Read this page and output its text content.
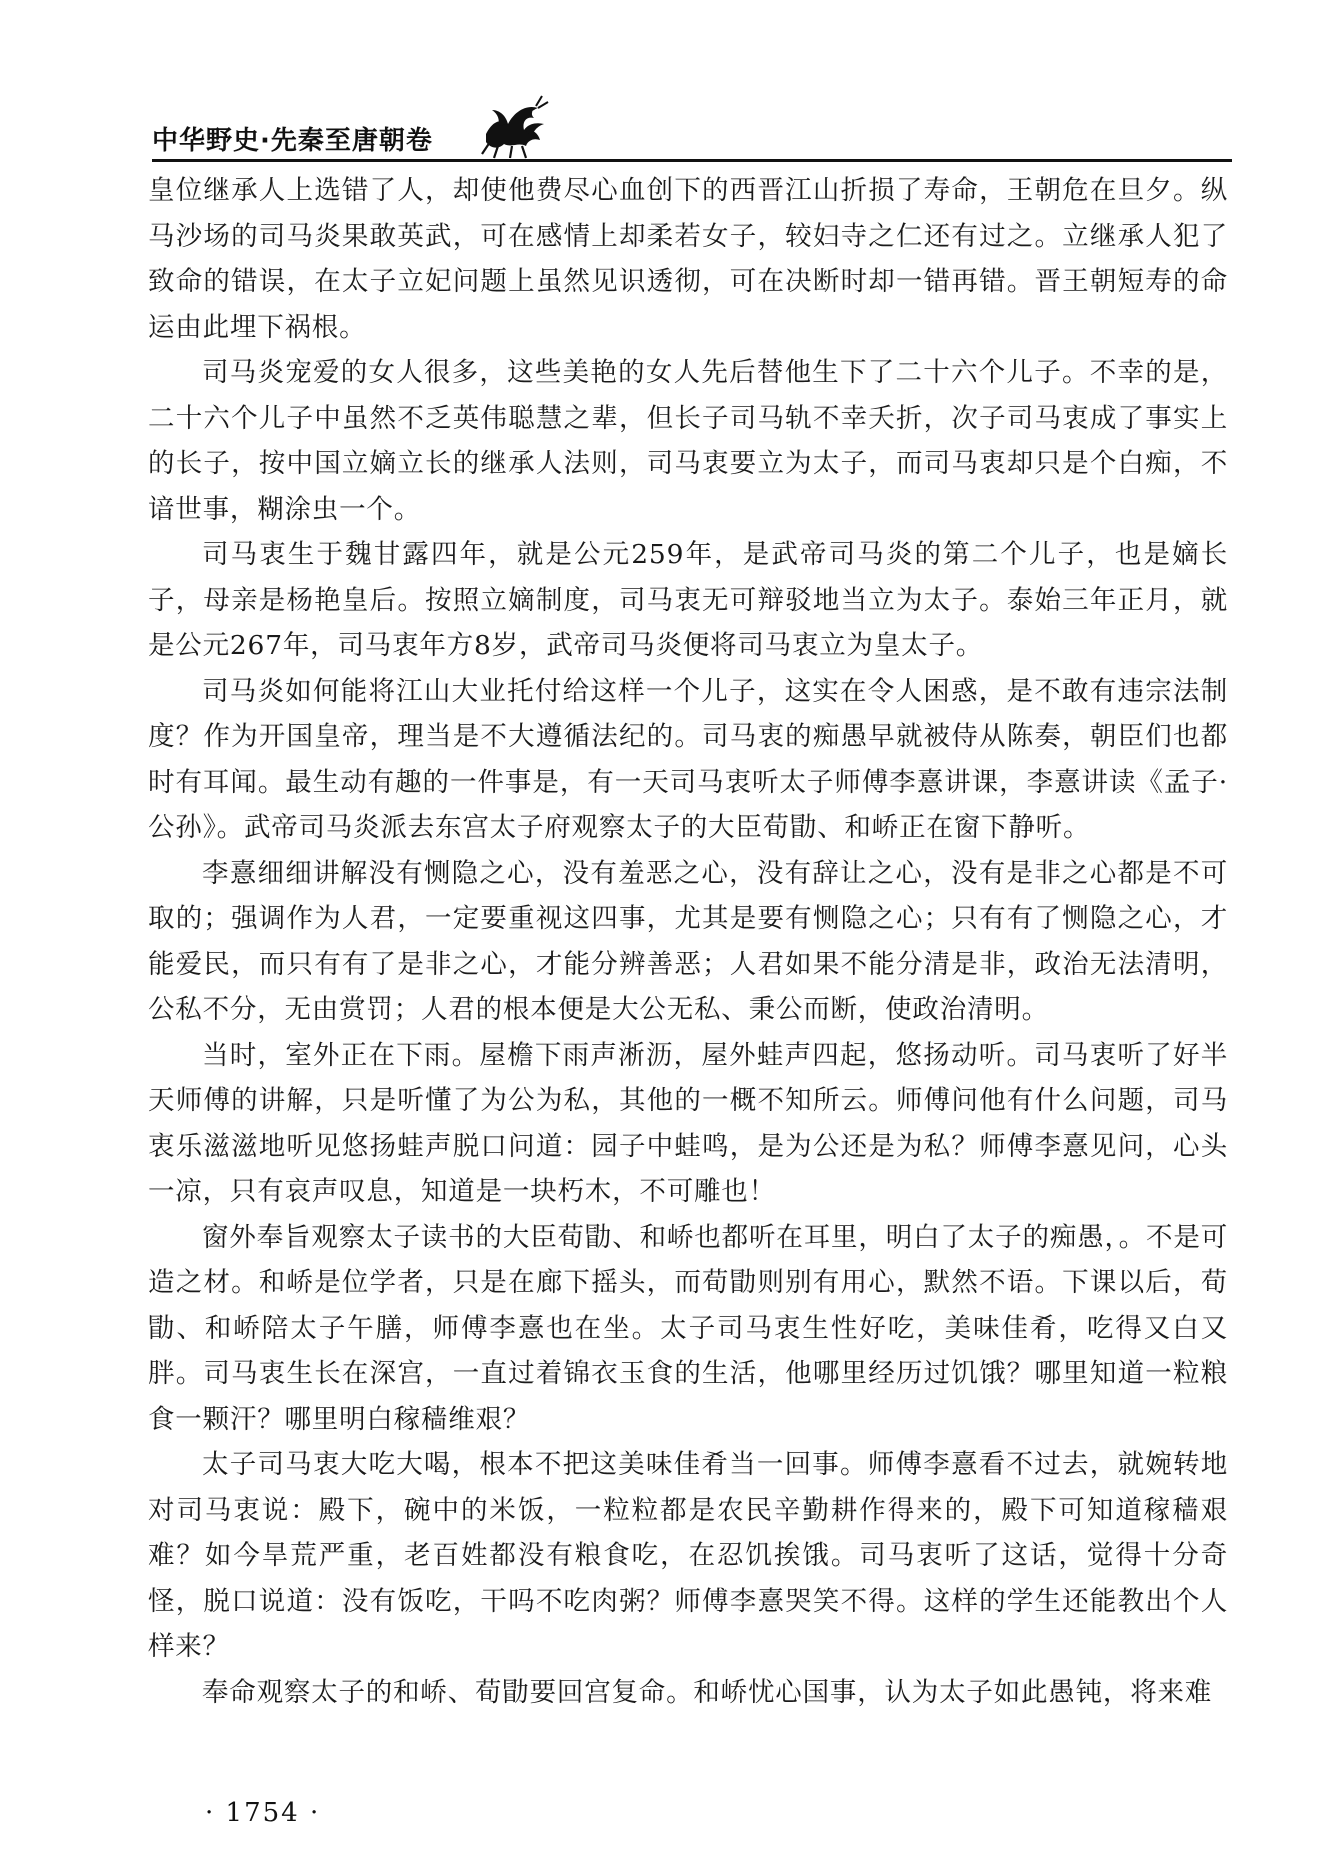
中华野史·先秦至唐朝卷

皇位继承人上选错了人，却使他费尽心血创下的西晋江山折损了寿命，王朝危在旦夕。纵马沙场的司马炎果敢英武，可在感情上却柔若女子，较妇寺之仁还有过之。立继承人犯了致命的错误，在太子立妃问题上虽然见识透彻，可在决断时却一错再错。晋王朝短寿的命运由此埋下祸根。

司马炎宠爱的女人很多，这些美艳的女人先后替他生下了二十六个儿子。不幸的是，二十六个儿子中虽然不乏英伟聪慧之辈，但长子司马轨不幸夭折，次子司马衷成了事实上的长子，按中国立嫡立长的继承人法则，司马衷要立为太子，而司马衷却只是个白痴，不谙世事，糊涂虫一个。

司马衷生于魏甘露四年，就是公元259年，是武帝司马炎的第二个儿子，也是嫡长子，母亲是杨艳皇后。按照立嫡制度，司马衷无可辩驳地当立为太子。泰始三年正月，就是公元267年，司马衷年方8岁，武帝司马炎便将司马衷立为皇太子。

司马炎如何能将江山大业托付给这样一个儿子，这实在令人困惑，是不敢有违宗法制度？作为开国皇帝，理当是不大遵循法纪的。司马衷的痴愚早就被侍从陈奏，朝臣们也都时有耳闻。最生动有趣的一件事是，有一天司马衷听太子师傅李憙讲课，李憙讲读《孟子·公孙》。武帝司马炎派去东宫太子府观察太子的大臣荀勖、和峤正在窗下静听。

李憙细细讲解没有恻隐之心，没有羞恶之心，没有辞让之心，没有是非之心都是不可取的；强调作为人君，一定要重视这四事，尤其是要有恻隐之心；只有有了恻隐之心，才能爱民，而只有有了是非之心，才能分辨善恶；人君如果不能分清是非，政治无法清明，公私不分，无由赏罚；人君的根本便是大公无私、秉公而断，使政治清明。

当时，室外正在下雨。屋檐下雨声淅沥，屋外蛙声四起，悠扬动听。司马衷听了好半天师傅的讲解，只是听懂了为公为私，其他的一概不知所云。师傅问他有什么问题，司马衷乐滋滋地听见悠扬蛙声脱口问道：园子中蛙鸣，是为公还是为私？师傅李憙见问，心头一凉，只有哀声叹息，知道是一块朽木，不可雕也！

窗外奉旨观察太子读书的大臣荀勖、和峤也都听在耳里，明白了太子的痴愚，。不是可造之材。和峤是位学者，只是在廊下摇头，而荀勖则别有用心，默然不语。下课以后，荀勖、和峤陪太子午膳，师傅李憙也在坐。太子司马衷生性好吃，美味佳肴，吃得又白又胖。司马衷生长在深宫，一直过着锦衣玉食的生活，他哪里经历过饥饿？哪里知道一粒粮食一颗汗？哪里明白稼穑维艰？

太子司马衷大吃大喝，根本不把这美味佳肴当一回事。师傅李憙看不过去，就婉转地对司马衷说：殿下，碗中的米饭，一粒粒都是农民辛勤耕作得来的，殿下可知道稼穑艰难？如今旱荒严重，老百姓都没有粮食吃，在忍饥挨饿。司马衷听了这话，觉得十分奇怪，脱口说道：没有饭吃，干吗不吃肉粥？师傅李憙哭笑不得。这样的学生还能教出个人样来？

奉命观察太子的和峤、荀勖要回宫复命。和峤忧心国事，认为太子如此愚钝，将来难

· 1754 ·
